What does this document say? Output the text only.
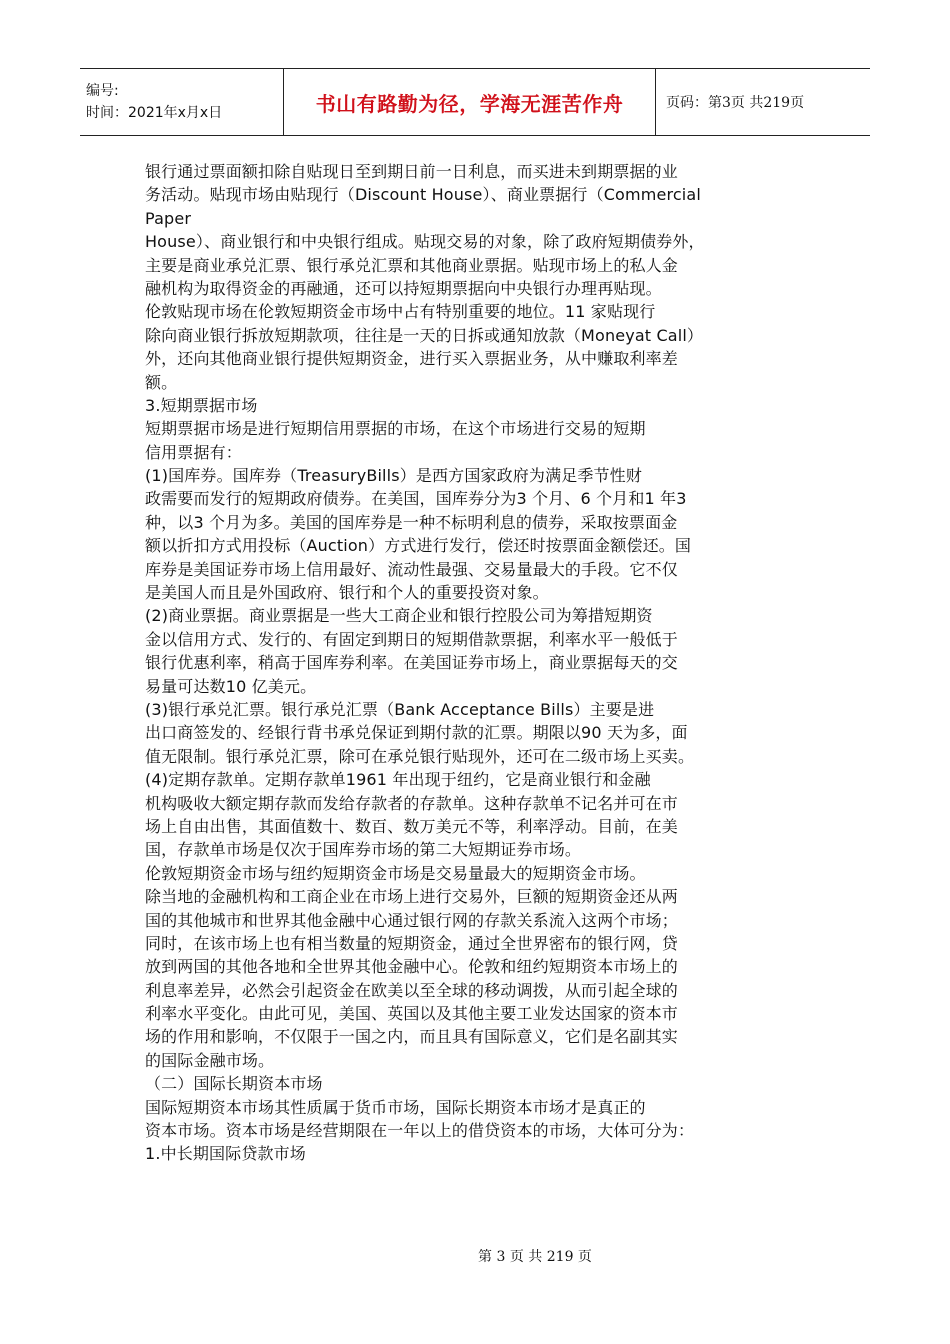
编号:
时间：2021年x月x日	书山有路勤为径，学海无涯苦作舟	页码：第3页 共219页
银行通过票面额扣除自贴现日至到期日前一日利息，而买进未到期票据的业
务活动。贴现市场由贴现行（Discount House）、商业票据行（Commercial
Paper
House）、商业银行和中央银行组成。贴现交易的对象，除了政府短期债券外，
主要是商业承兑汇票、银行承兑汇票和其他商业票据。贴现市场上的私人金
融机构为取得资金的再融通，还可以持短期票据向中央银行办理再贴现。
伦敦贴现市场在伦敦短期资金市场中占有特别重要的地位。11 家贴现行
除向商业银行拆放短期款项，往往是一天的日拆或通知放款（Moneyat Call）
外，还向其他商业银行提供短期资金，进行买入票据业务，从中赚取利率差
额。
3.短期票据市场
短期票据市场是进行短期信用票据的市场，在这个市场进行交易的短期
信用票据有：
(1)国库券。国库券（TreasuryBills）是西方国家政府为满足季节性财
政需要而发行的短期政府债券。在美国，国库券分为3 个月、6 个月和1 年3
种，以3 个月为多。美国的国库券是一种不标明利息的债券，采取按票面金
额以折扣方式用投标（Auction）方式进行发行，偿还时按票面金额偿还。国
库券是美国证券市场上信用最好、流动性最强、交易量最大的手段。它不仅
是美国人而且是外国政府、银行和个人的重要投资对象。
(2)商业票据。商业票据是一些大工商企业和银行控股公司为筹措短期资
金以信用方式、发行的、有固定到期日的短期借款票据，利率水平一般低于
银行优惠利率，稍高于国库券利率。在美国证券市场上，商业票据每天的交
易量可达数10 亿美元。
(3)银行承兑汇票。银行承兑汇票（Bank Acceptance Bills）主要是进
出口商签发的、经银行背书承兑保证到期付款的汇票。期限以90 天为多，面
值无限制。银行承兑汇票，除可在承兑银行贴现外，还可在二级市场上买卖。
(4)定期存款单。定期存款单1961 年出现于纽约，它是商业银行和金融
机构吸收大额定期存款而发给存款者的存款单。这种存款单不记名并可在市
场上自由出售，其面值数十、数百、数万美元不等，利率浮动。目前，在美
国，存款单市场是仅次于国库券市场的第二大短期证券市场。
伦敦短期资金市场与纽约短期资金市场是交易量最大的短期资金市场。
除当地的金融机构和工商企业在市场上进行交易外，巨额的短期资金还从两
国的其他城市和世界其他金融中心通过银行网的存款关系流入这两个市场；
同时，在该市场上也有相当数量的短期资金，通过全世界密布的银行网，贷
放到两国的其他各地和全世界其他金融中心。伦敦和纽约短期资本市场上的
利息率差异，必然会引起资金在欧美以至全球的移动调拨，从而引起全球的
利率水平变化。由此可见，美国、英国以及其他主要工业发达国家的资本市
场的作用和影响，不仅限于一国之内，而且具有国际意义，它们是名副其实
的国际金融市场。
（二）国际长期资本市场
国际短期资本市场其性质属于货币市场，国际长期资本市场才是真正的
资本市场。资本市场是经营期限在一年以上的借贷资本的市场，大体可分为：
1.中长期国际贷款市场
第 3 页 共 219 页
